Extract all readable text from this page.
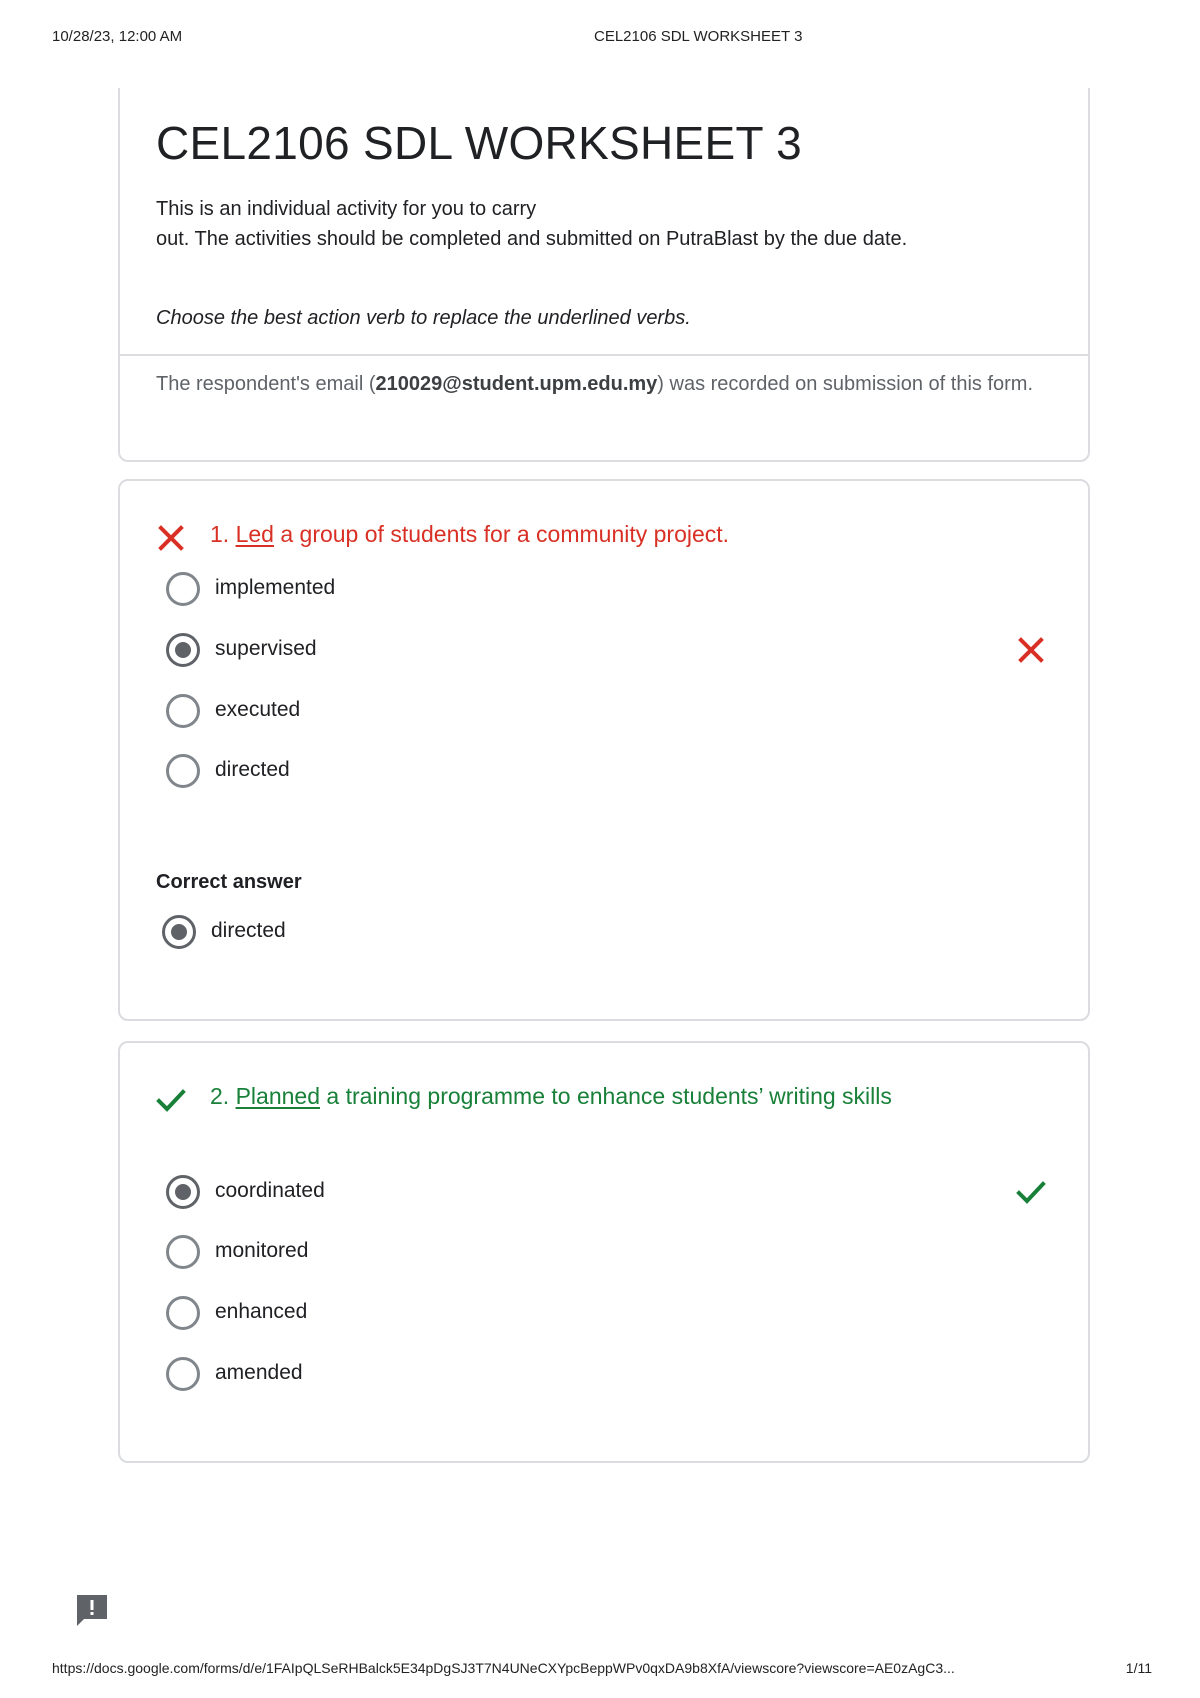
10/28/23, 12:00 AM	CEL2106 SDL WORKSHEET 3
CEL2106 SDL WORKSHEET 3

This is an individual activity for you to carry
out. The activities should be completed and submitted on PutraBlast by the due date.

Choose the best action verb to replace the underlined verbs.

The respondent's email (210029@student.upm.edu.my) was recorded on submission of this form.

1. Led a group of students for a community project.
implemented
supervised
executed
directed
Correct answer
directed
2. Planned a training programme to enhance students’ writing skills
coordinated
monitored
enhanced
amended
https://docs.google.com/forms/d/e/1FAIpQLSeRHBalck5E34pDgSJ3T7N4UNeCXYpcBeppWPv0qxDA9b8XfA/viewscore?viewscore=AE0zAgC3...	1/11
